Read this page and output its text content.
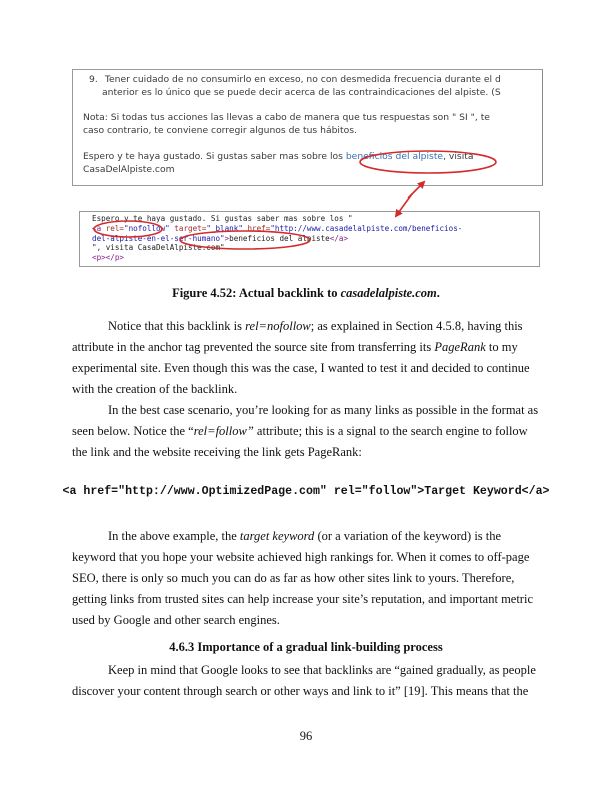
9. Tener cuidado de no consumirlo en exceso, no con desmedida frecuencia durante el d
anterior es lo único que se puede decir acerca de las contraindicaciones del alpiste. (S
Nota: Si todas tus acciones las llevas a cabo de manera que tus respuestas son " SI ", te
caso contrario, te conviene corregir algunos de tus hábitos.
Espero y te haya gustado. Si gustas saber mas sobre los beneficios del alpiste, visita
CasaDelAlpiste.com
Espero y te haya gustado. Si gustas saber mas sobre los "
<a rel="nofollow" target="_blank" href="http://www.casadelalpiste.com/beneficios-
del-alpiste-en-el-ser-humano">beneficios del alpiste</a>
", visita CasaDelAlpiste.com"
<p></p>
Figure 4.52: Actual backlink to casadelalpiste.com.
Notice that this backlink is rel=nofollow; as explained in Section 4.5.8, having this attribute in the anchor tag prevented the source site from transferring its PageRank to my experimental site. Even though this was the case, I wanted to test it and decided to continue with the creation of the backlink.
In the best case scenario, you’re looking for as many links as possible in the format as seen below. Notice the “rel=follow” attribute; this is a signal to the search engine to follow the link and the website receiving the link gets PageRank:
<a href="http://www.OptimizedPage.com" rel="follow">Target Keyword</a>
In the above example, the target keyword (or a variation of the keyword) is the keyword that you hope your website achieved high rankings for. When it comes to off-page SEO, there is only so much you can do as far as how other sites link to yours. Therefore, getting links from trusted sites can help increase your site’s reputation, and important metric used by Google and other search engines.
4.6.3 Importance of a gradual link-building process
Keep in mind that Google looks to see that backlinks are “gained gradually, as people discover your content through search or other ways and link to it” [19]. This means that the
96
